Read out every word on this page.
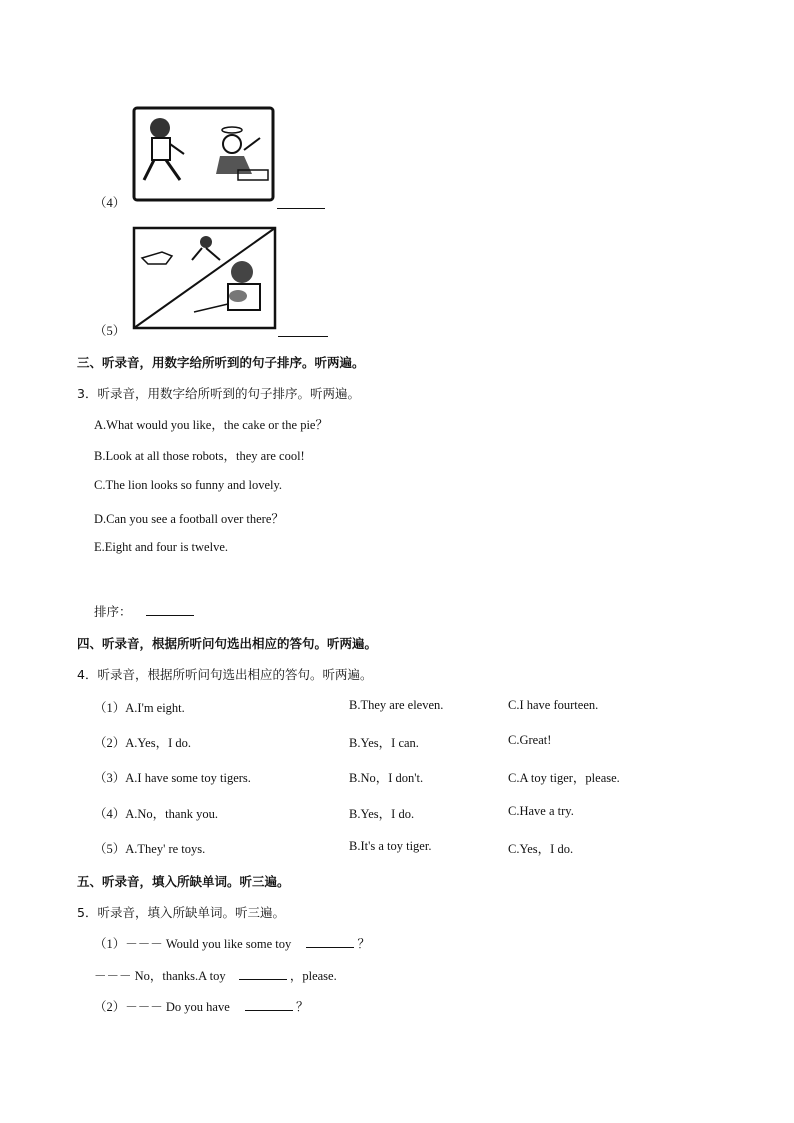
（4）
（5）
三、听录音，用数字给所听到的句子排序。听两遍。
3．听录音，用数字给所听到的句子排序。听两遍。
A.What would you like，the cake or the pie？
B.Look at all those robots，they are cool!
C.The lion looks so funny and lovely.
D.Can you see a football over there？
E.Eight and four is twelve.
排序：
四、听录音，根据所听问句选出相应的答句。听两遍。
4．听录音，根据所听问句选出相应的答句。听两遍。
（1）A.I'm eight.	B.They are eleven.	C.I have fourteen.
（2）A.Yes，I do.	B.Yes，I can.	C.Great!
（3）A.I have some toy tigers.	B.No，I don't.	C.A toy tiger，please.
（4）A.No，thank you.	B.Yes，I do.	C.Have a try.
（5）A.They' re toys.	B.It's a toy tiger.	C.Yes，I do.
五、听录音，填入所缺单词。听三遍。
5．听录音，填入所缺单词。听三遍。
（1）－－－ Would you like some toy	？
－－－ No，thanks.A toy	，please.
（2）－－－ Do you have	？
